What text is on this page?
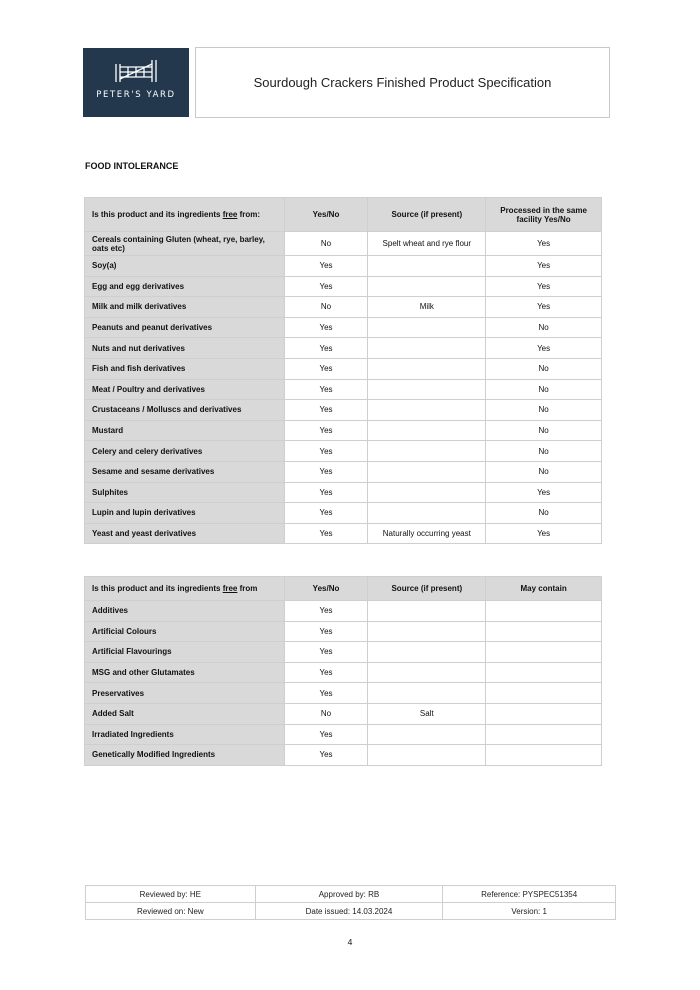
PETER'S YARD
Sourdough Crackers Finished Product Specification
FOOD INTOLERANCE
Is this product and its ingredients free from:	Yes/No	Source (if present)	Processed in the same facility Yes/No
Cereals containing Gluten (wheat, rye, barley, oats etc)	No	Spelt wheat and rye flour	Yes
Soy(a)	Yes		Yes
Egg and egg derivatives	Yes		Yes
Milk and milk derivatives	No	Milk	Yes
Peanuts and peanut derivatives	Yes		No
Nuts and nut derivatives	Yes		Yes
Fish and fish derivatives	Yes		No
Meat / Poultry and derivatives	Yes		No
Crustaceans / Molluscs and derivatives	Yes		No
Mustard	Yes		No
Celery and celery derivatives	Yes		No
Sesame and sesame derivatives	Yes		No
Sulphites	Yes		Yes
Lupin and lupin derivatives	Yes		No
Yeast and yeast derivatives	Yes	Naturally occurring yeast	Yes
Is this product and its ingredients free from	Yes/No	Source (if present)	May contain
Additives	Yes		
Artificial Colours	Yes		
Artificial Flavourings	Yes		
MSG and other Glutamates	Yes		
Preservatives	Yes		
Added Salt	No	Salt	
Irradiated Ingredients	Yes		
Genetically Modified Ingredients	Yes		
Reviewed by: HE	Approved by: RB	Reference: PYSPEC51354
Reviewed on: New	Date issued: 14.03.2024	Version: 1
4
